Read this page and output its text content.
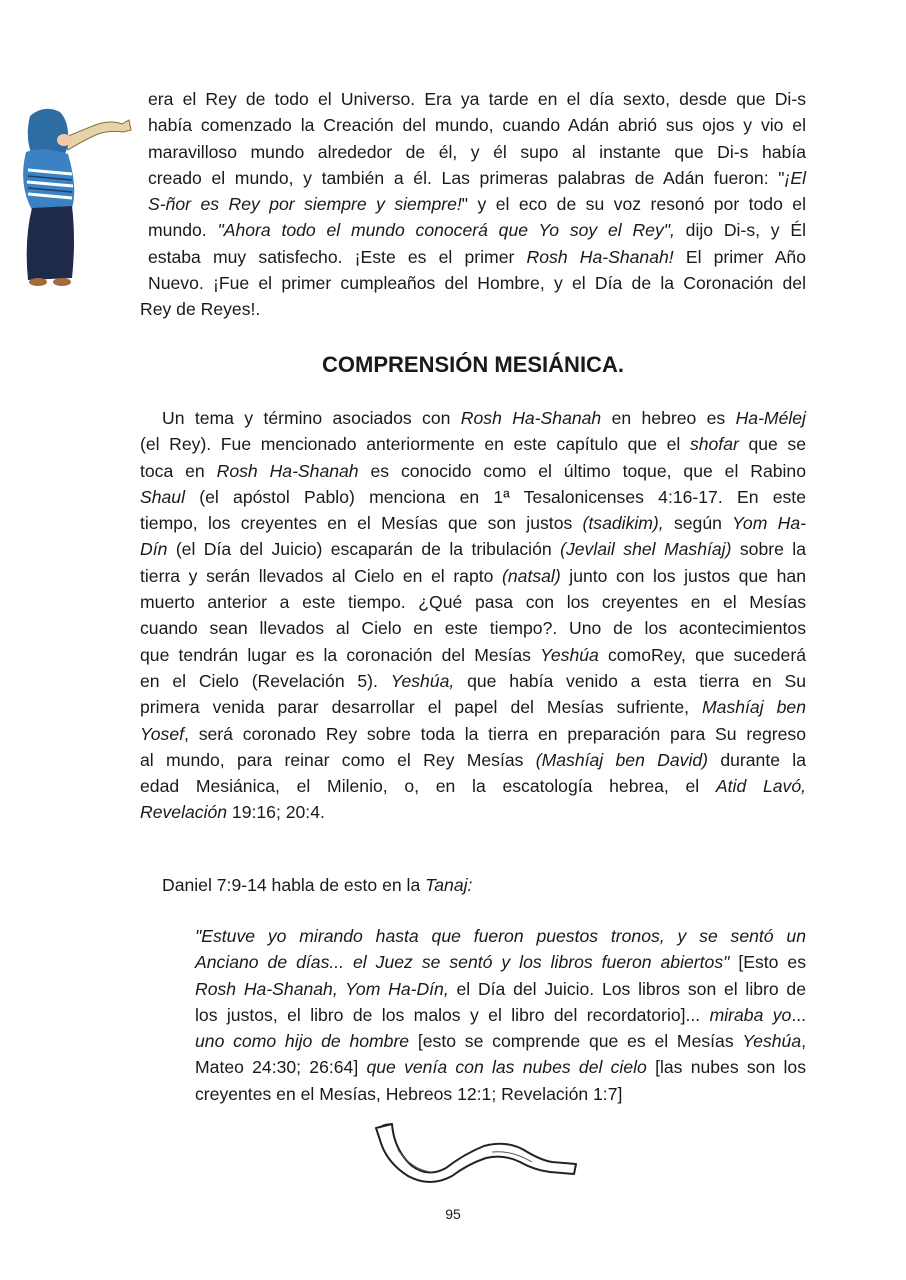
era el Rey de todo el Universo. Era ya tarde en el día sexto, desde que Di-s
había comenzado la Creación del mundo, cuando Adán abrió sus ojos y vio el
maravilloso mundo alrededor de él, y él supo al instante que Di-s había
creado el mundo, y también a él. Las primeras palabras de Adán fueron: "¡El
S-ñor es Rey por siempre y siempre!" y el eco de su voz resonó por todo el
mundo. "Ahora todo el mundo conocerá que Yo soy el Rey", dijo Di-s, y Él
estaba muy satisfecho. ¡Este es el primer Rosh Ha-Shanah! El primer Año
Nuevo. ¡Fue el primer cumpleaños del Hombre, y el Día de la Coronación del
Rey de Reyes!.
COMPRENSIÓN MESIÁNICA.
Un tema y término asociados con Rosh Ha-Shanah en hebreo es Ha-Mélej
(el Rey). Fue mencionado anteriormente en este capítulo que el shofar que se
toca en Rosh Ha-Shanah es conocido como el último toque, que el Rabino
Shaul (el apóstol Pablo) menciona en 1ª Tesalonicenses 4:16-17. En este
tiempo, los creyentes en el Mesías que son justos (tsadikim), según Yom Ha-
Dín (el Día del Juicio) escaparán de la tribulación (Jevlail shel Mashíaj) sobre la
tierra y serán llevados al Cielo en el rapto (natsal) junto con los justos que han
muerto anterior a este tiempo. ¿Qué pasa con los creyentes en el Mesías
cuando sean llevados al Cielo en este tiempo?. Uno de los acontecimientos
que tendrán lugar es la coronación del Mesías Yeshúa comoRey, que sucederá
en el Cielo (Revelación 5). Yeshúa, que había venido a esta tierra en Su
primera venida parar desarrollar el papel del Mesías sufriente, Mashíaj ben
Yosef, será coronado Rey sobre toda la tierra en preparación para Su regreso
al mundo, para reinar como el Rey Mesías (Mashíaj ben David) durante la
edad Mesiánica, el Milenio, o, en la escatología hebrea, el Atid Lavó,
Revelación 19:16; 20:4.
Daniel 7:9-14 habla de esto en la Tanaj:
"Estuve yo mirando hasta que fueron puestos tronos, y se sentó un
Anciano de días... el Juez se sentó y los libros fueron abiertos" [Esto es
Rosh Ha-Shanah, Yom Ha-Dín, el Día del Juicio. Los libros son el libro de
los justos, el libro de los malos y el libro del recordatorio]... miraba yo...
uno como hijo de hombre [esto se comprende que es el Mesías Yeshúa,
Mateo 24:30; 26:64] que venía con las nubes del cielo [las nubes son los
creyentes en el Mesías, Hebreos 12:1; Revelación 1:7]
95
